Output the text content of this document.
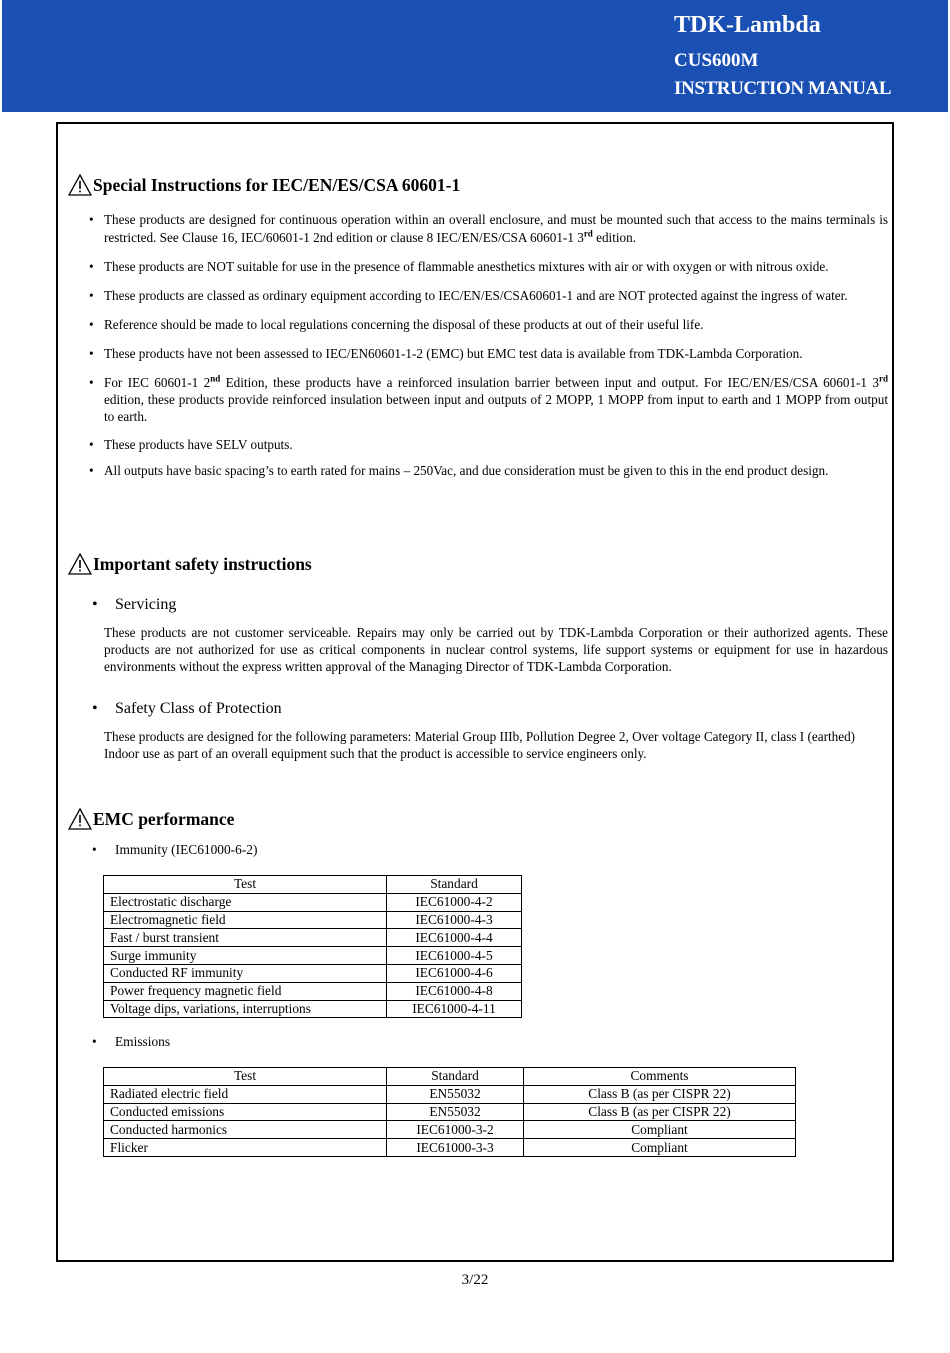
TDK-Lambda
CUS600M
INSTRUCTION MANUAL
Special Instructions for IEC/EN/ES/CSA 60601-1
• These products are designed for continuous operation within an overall enclosure, and must be mounted such that access to the mains terminals is restricted. See Clause 16, IEC/60601-1 2nd edition or clause 8 IEC/EN/ES/CSA 60601-1 3rd edition.
• These products are NOT suitable for use in the presence of flammable anesthetics mixtures with air or with oxygen or with nitrous oxide.
• These products are classed as ordinary equipment according to IEC/EN/ES/CSA60601-1 and are NOT protected against the ingress of water.
• Reference should be made to local regulations concerning the disposal of these products at out of their useful life.
• These products have not been assessed to IEC/EN60601-1-2 (EMC) but EMC test data is available from TDK-Lambda Corporation.
• For IEC 60601-1 2nd Edition, these products have a reinforced insulation barrier between input and output. For IEC/EN/ES/CSA 60601-1 3rd edition, these products provide reinforced insulation between input and outputs of 2 MOPP, 1 MOPP from input to earth and 1 MOPP from output to earth.
• These products have SELV outputs.
• All outputs have basic spacing’s to earth rated for mains – 250Vac, and due consideration must be given to this in the end product design.
Important safety instructions
• Servicing
These products are not customer serviceable. Repairs may only be carried out by TDK-Lambda Corporation or their authorized agents. These products are not authorized for use as critical components in nuclear control systems, life support systems or equipment for use in hazardous environments without the express written approval of the Managing Director of TDK-Lambda Corporation.
• Safety Class of Protection
These products are designed for the following parameters: Material Group IIIb, Pollution Degree 2, Over voltage Category II, class I (earthed)
Indoor use as part of an overall equipment such that the product is accessible to service engineers only.
EMC performance
• Immunity (IEC61000-6-2)
Test	Standard
Electrostatic discharge	IEC61000-4-2
Electromagnetic field	IEC61000-4-3
Fast / burst transient	IEC61000-4-4
Surge immunity	IEC61000-4-5
Conducted RF immunity	IEC61000-4-6
Power frequency magnetic field	IEC61000-4-8
Voltage dips, variations, interruptions	IEC61000-4-11
• Emissions
Test	Standard	Comments
Radiated electric field	EN55032	Class B (as per CISPR 22)
Conducted emissions	EN55032	Class B (as per CISPR 22)
Conducted harmonics	IEC61000-3-2	Compliant
Flicker	IEC61000-3-3	Compliant
3/22
